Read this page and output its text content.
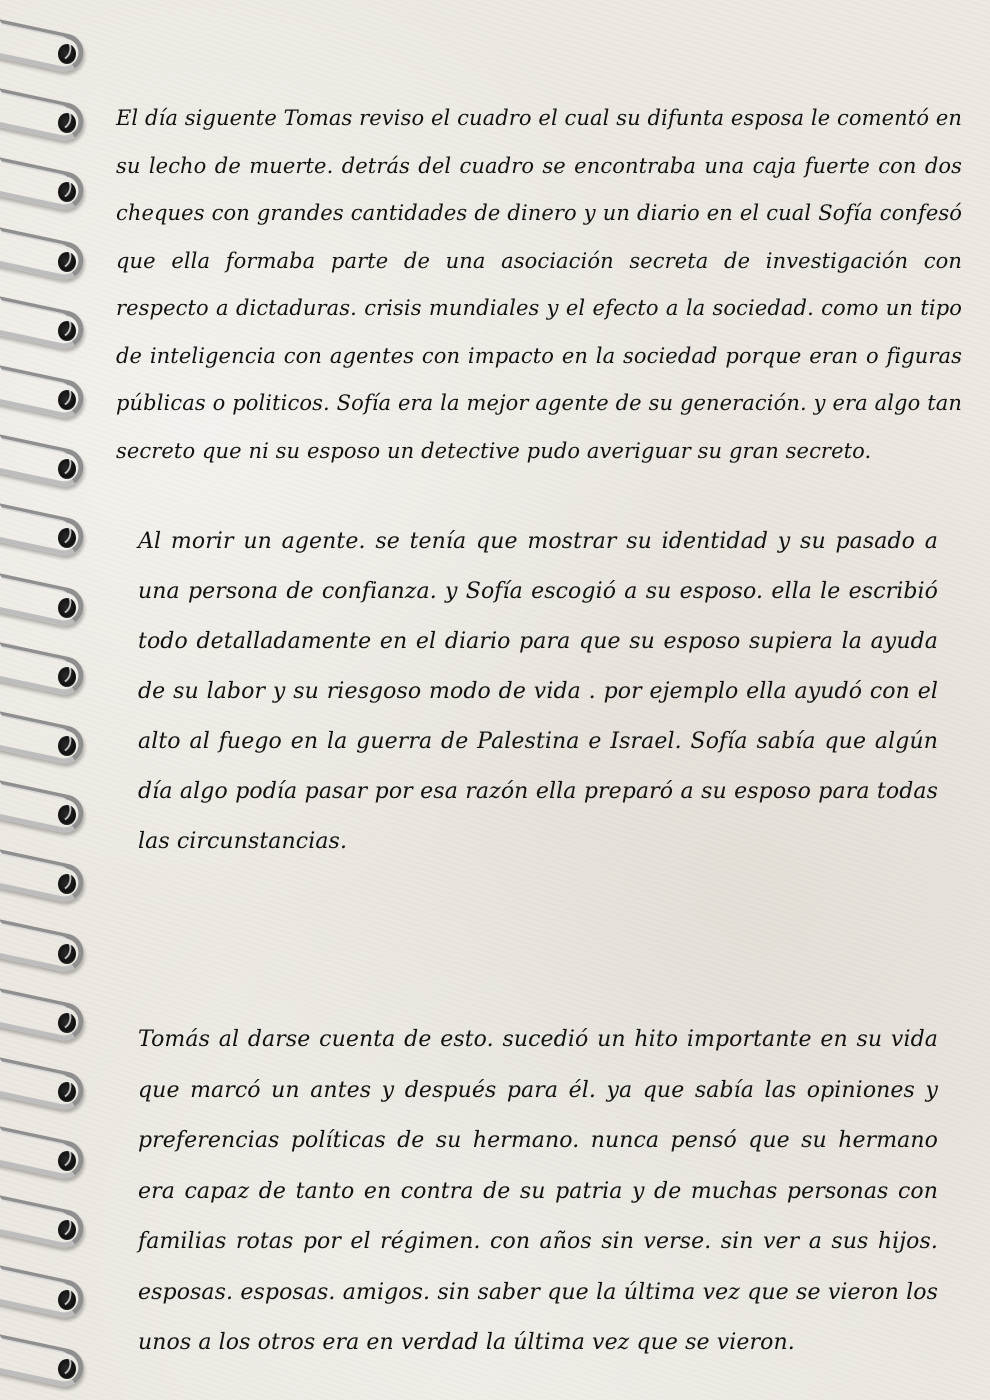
El día siguente Tomas reviso el cuadro el cual su difunta esposa le comentó en su lecho de muerte. detrás del cuadro se encontraba una caja fuerte con dos cheques con grandes cantidades de dinero y un diario en el cual Sofía confesó que ella formaba parte de una asociación secreta de investigación con respecto a dictaduras. crisis mundiales y el efecto a la sociedad. como un tipo de inteligencia con agentes con impacto en la sociedad porque eran o figuras públicas o politicos. Sofía era la mejor agente de su generación. y era algo tan secreto que ni su esposo un detective pudo averiguar su gran secreto.
Al morir un agente. se tenía que mostrar su identidad y su pasado a una persona de confianza. y Sofía escogió a su esposo. ella le escribió todo detalladamente en el diario para que su esposo supiera la ayuda de su labor y su riesgoso modo de vida . por ejemplo ella ayudó con el alto al fuego en la guerra de Palestina e Israel. Sofía sabía que algún día algo podía pasar por esa razón ella preparó a su esposo para todas las circunstancias.
Tomás al darse cuenta de esto. sucedió un hito importante en su vida que marcó un antes y después para él. ya que sabía las opiniones y preferencias políticas de su hermano. nunca pensó que su hermano era capaz de tanto en contra de su patria y de muchas personas con familias rotas por el régimen. con años sin verse. sin ver a sus hijos. esposas. esposas. amigos. sin saber que la última vez que se vieron los unos a los otros era en verdad la última vez que se vieron.
